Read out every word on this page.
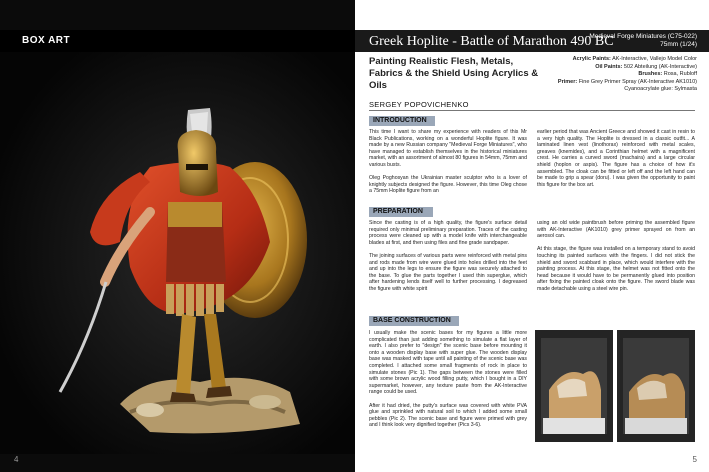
BOX ART
4
Greek Hoplite - Battle of Marathon 490 BC
Medieval Forge Miniatures (C75-022)
75mm (1/24)
Painting Realistic Flesh, Metals, Fabrics & the Shield Using Acrylics & Oils
Acrylic Paints: AK-Interactive, Vallejo Model Color
Oil Paints: 502 Abteilung (AK-Interactive)
Brushes: Rosa, Rubloff
Primer: Fine Grey Primer Spray (AK-Interactive AK1010)
Cyanoacrylate glue: Sylmasta
SERGEY POPOVICHENKO
INTRODUCTION
This time I want to share my experience with readers of this Mr Black Publications, working on a wonderful Hoplite figure. It was made by a new Russian company "Medieval Forge Miniatures", who have managed to establish themselves in the historical miniatures market, with an assortment of almost 80 figures in 54mm, 75mm and various busts.

Oleg Poghosyan the Ukrainian master sculptor who is a lover of knightly subjects designed the figure. However, this time Oleg chose a 75mm Hoplite figure from an
earlier period that was Ancient Greece and showed it cast in resin to a very high quality. The Hoplite is dressed in a classic outfit... A laminated linen vest (linothorax) reinforced with metal scales, greaves (knemides), and a Corinthian helmet with a magnificent crest. He carries a curved sword (machaira) and a large circular shield (hoplon or aspis). The figure has a choice of how it's assembled. The cloak can be fitted or left off and the left hand can be made to grip a spear (doru). I was given the opportunity to paint this figure for the box art.
PREPARATION
Since the casting is of a high quality, the figure's surface detail required only minimal preliminary preparation. Traces of the casting process were cleaned up with a model knife with interchangeable blades at first, and then using files and fine grade sandpaper.

The joining surfaces of various parts were reinforced with metal pins and rods made from wire were glued into holes drilled into the feet and up into the legs to ensure the figure was securely attached to the base. To glue the parts together I used thin superglue, which after hardening lends itself well to further processing. I degreased the figure with white spirit
using an old wide paintbrush before priming the assembled figure with AK-Interactive (AK1010) grey primer sprayed on from an aerosol can.

At this stage, the figure was installed on a temporary stand to avoid touching its painted surfaces with the fingers. I did not stick the shield and sword scabbard in place, which would interfere with the painting process. At this stage, the helmet was not fitted onto the head because it would have to be permanently glued into position after fixing the painted cloak onto the figure. The sword blade was made detachable using a steel wire pin.
BASE CONSTRUCTION
I usually make the scenic bases for my figures a little more complicated than just adding something to simulate a flat layer of earth. I also prefer to "design" the scenic base before mounting it onto a wooden display base with super glue. The wooden display base was masked with tape until all painting of the scenic base was completed. I attached some small fragments of rock in place to simulate stones (Pic 1). The gaps between the stones were filled with some brown acrylic wood filling putty, which I bought in a DIY supermarket, however, any texture paste from the AK-Interactive range could be used.

After it had dried, the putty's surface was covered with white PVA glue and sprinkled with natural soil to which I added some small pebbles (Pic 2). The scenic base and figure were primed with grey and I think look very dignified together (Pics 3-6).
5
